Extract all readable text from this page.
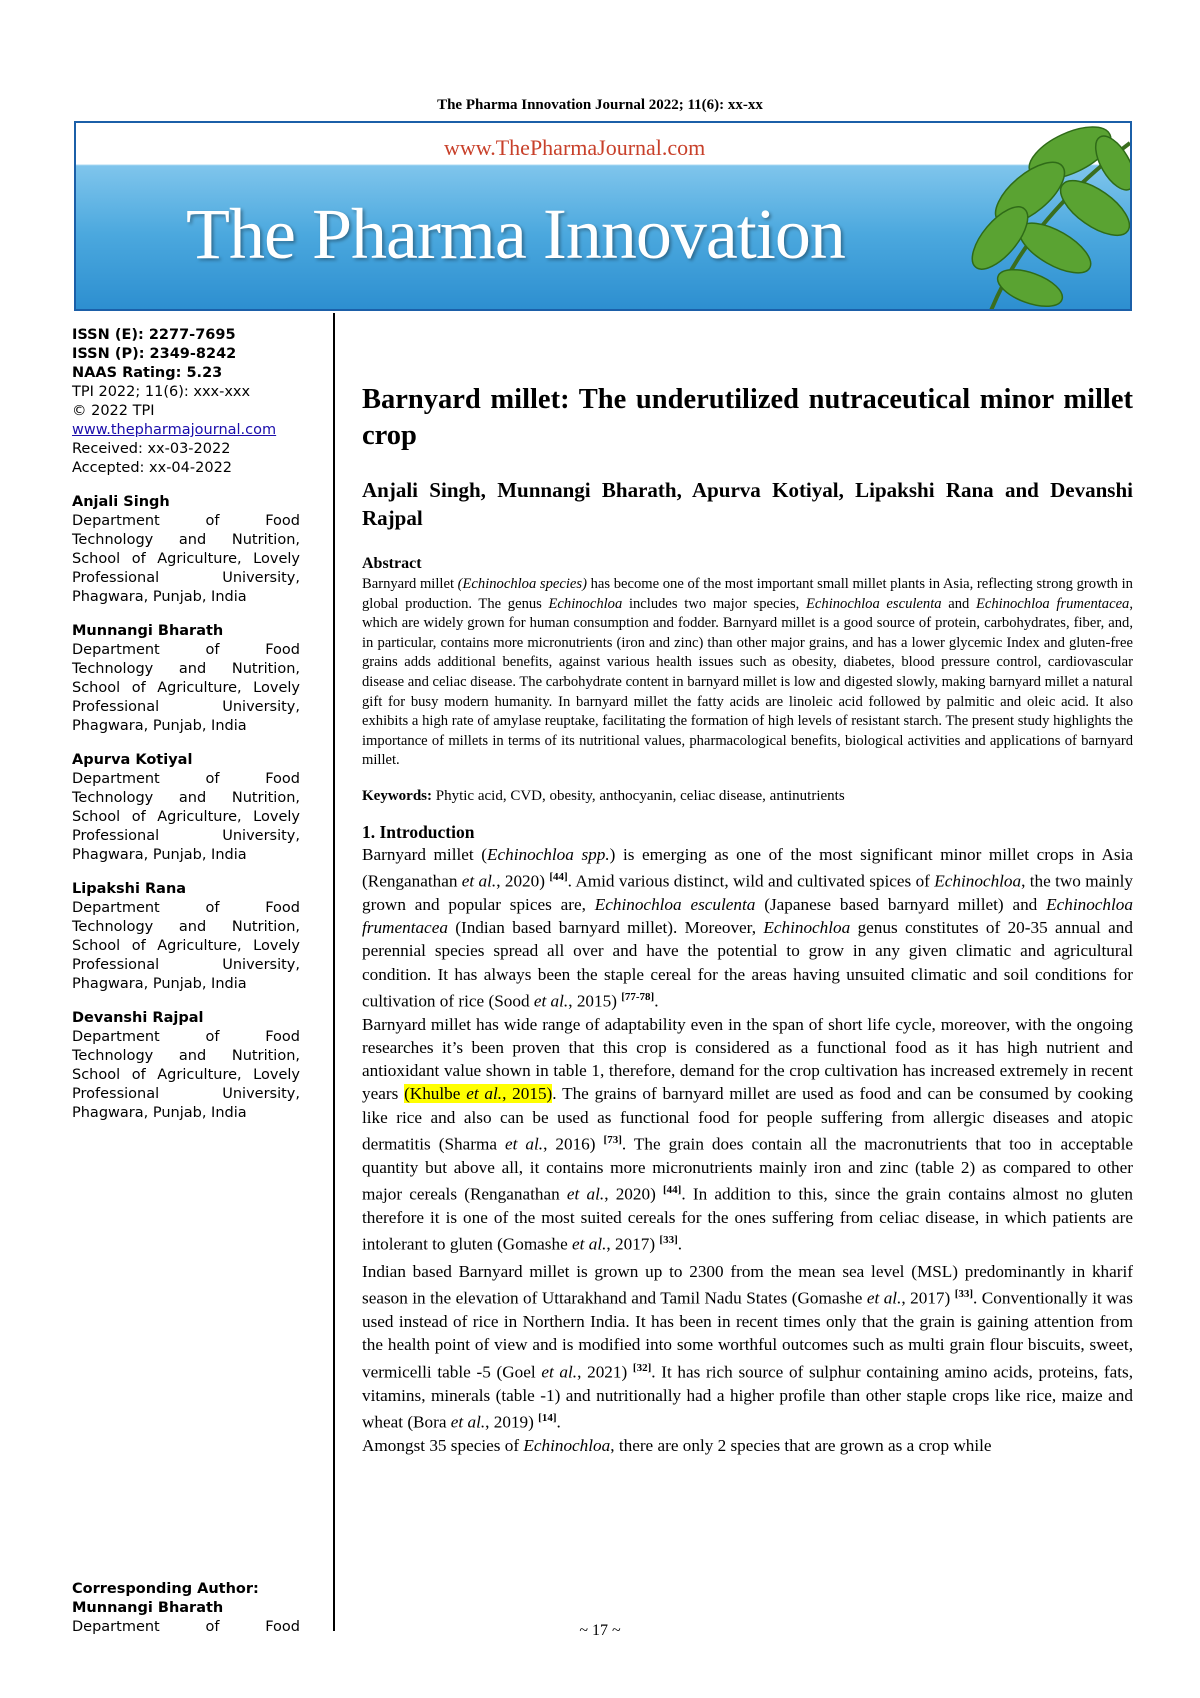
The Pharma Innovation Journal 2022; 11(6): xx-xx
www.ThePharmaJournal.com
The Pharma Innovation
ISSN (E): 2277-7695
ISSN (P): 2349-8242
NAAS Rating: 5.23
TPI 2022; 11(6): xxx-xxx
© 2022 TPI
www.thepharmajournal.com
Received: xx-03-2022
Accepted: xx-04-2022
Anjali Singh
Department of Food Technology and Nutrition, School of Agriculture, Lovely Professional University, Phagwara, Punjab, India
Munnangi Bharath
Department of Food Technology and Nutrition, School of Agriculture, Lovely Professional University, Phagwara, Punjab, India
Apurva Kotiyal
Department of Food Technology and Nutrition, School of Agriculture, Lovely Professional University, Phagwara, Punjab, India
Lipakshi Rana
Department of Food Technology and Nutrition, School of Agriculture, Lovely Professional University, Phagwara, Punjab, India
Devanshi Rajpal
Department of Food Technology and Nutrition, School of Agriculture, Lovely Professional University, Phagwara, Punjab, India
Corresponding Author:
Munnangi Bharath
Department of Food
Barnyard millet: The underutilized nutraceutical minor millet crop
Anjali Singh, Munnangi Bharath, Apurva Kotiyal, Lipakshi Rana and Devanshi Rajpal
Abstract
Barnyard millet (Echinochloa species) has become one of the most important small millet plants in Asia, reflecting strong growth in global production. The genus Echinochloa includes two major species, Echinochloa esculenta and Echinochloa frumentacea, which are widely grown for human consumption and fodder. Barnyard millet is a good source of protein, carbohydrates, fiber, and, in particular, contains more micronutrients (iron and zinc) than other major grains, and has a lower glycemic Index and gluten-free grains adds additional benefits, against various health issues such as obesity, diabetes, blood pressure control, cardiovascular disease and celiac disease. The carbohydrate content in barnyard millet is low and digested slowly, making barnyard millet a natural gift for busy modern humanity. In barnyard millet the fatty acids are linoleic acid followed by palmitic and oleic acid. It also exhibits a high rate of amylase reuptake, facilitating the formation of high levels of resistant starch. The present study highlights the importance of millets in terms of its nutritional values, pharmacological benefits, biological activities and applications of barnyard millet.
Keywords: Phytic acid, CVD, obesity, anthocyanin, celiac disease, antinutrients
1. Introduction
Barnyard millet (Echinochloa spp.) is emerging as one of the most significant minor millet crops in Asia (Renganathan et al., 2020) [44]. Amid various distinct, wild and cultivated spices of Echinochloa, the two mainly grown and popular spices are, Echinochloa esculenta (Japanese based barnyard millet) and Echinochloa frumentacea (Indian based barnyard millet). Moreover, Echinochloa genus constitutes of 20-35 annual and perennial species spread all over and have the potential to grow in any given climatic and agricultural condition. It has always been the staple cereal for the areas having unsuited climatic and soil conditions for cultivation of rice (Sood et al., 2015) [77-78].
Barnyard millet has wide range of adaptability even in the span of short life cycle, moreover, with the ongoing researches it’s been proven that this crop is considered as a functional food as it has high nutrient and antioxidant value shown in table 1, therefore, demand for the crop cultivation has increased extremely in recent years (Khulbe et al., 2015). The grains of barnyard millet are used as food and can be consumed by cooking like rice and also can be used as functional food for people suffering from allergic diseases and atopic dermatitis (Sharma et al., 2016) [73]. The grain does contain all the macronutrients that too in acceptable quantity but above all, it contains more micronutrients mainly iron and zinc (table 2) as compared to other major cereals (Renganathan et al., 2020) [44]. In addition to this, since the grain contains almost no gluten therefore it is one of the most suited cereals for the ones suffering from celiac disease, in which patients are intolerant to gluten (Gomashe et al., 2017) [33].
Indian based Barnyard millet is grown up to 2300 from the mean sea level (MSL) predominantly in kharif season in the elevation of Uttarakhand and Tamil Nadu States (Gomashe et al., 2017) [33]. Conventionally it was used instead of rice in Northern India. It has been in recent times only that the grain is gaining attention from the health point of view and is modified into some worthful outcomes such as multi grain flour biscuits, sweet, vermicelli table -5 (Goel et al., 2021) [32]. It has rich source of sulphur containing amino acids, proteins, fats, vitamins, minerals (table -1) and nutritionally had a higher profile than other staple crops like rice, maize and wheat (Bora et al., 2019) [14].
Amongst 35 species of Echinochloa, there are only 2 species that are grown as a crop while
~ 17 ~
